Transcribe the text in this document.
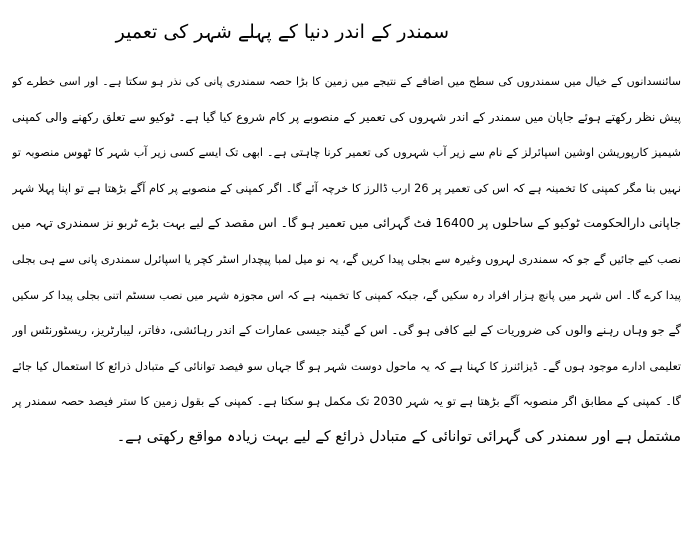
سمندر کے اندر دنیا کے پہلے شہر کی تعمیر
سائنسدانوں کے خیال میں سمندروں کی سطح میں اضافے کے نتیجے میں زمین کا بڑا حصہ سمندری پانی کی نذر ہو سکتا ہے۔ اور اسی خطرے کو
پیش نظر رکھتے ہوئے جاپان میں سمندر کے اندر شہروں کی تعمیر کے منصوبے پر کام شروع کیا گیا ہے۔ ٹوکیو سے تعلق رکھنے والی کمپنی
شیمیز کارپوریشن اوشین اسپائرلز کے نام سے زیر آب شہروں کی تعمیر کرنا چاہتی ہے۔ ابھی تک ایسے کسی زیر آب شہر کا ٹھوس منصوبہ تو
نہیں بنا مگر کمپنی کا تخمینہ ہے کہ اس کی تعمیر پر 26 ارب ڈالرز کا خرچہ آئے گا۔ اگر کمپنی کے منصوبے پر کام آگے بڑھتا ہے تو اپنا پہلا شہر
جاپانی دارالحکومت ٹوکیو کے ساحلوں پر 16400 فٹ گہرائی میں تعمیر ہو گا۔ اس مقصد کے لیے بہت بڑے ٹربو نز سمندری تہہ میں
نصب کیے جائیں گے جو کہ سمندری لہروں وغیرہ سے بجلی پیدا کریں گے، یہ نو میل لمبا پیچدار اسٹر کچر یا اسپائرل سمندری پانی سے ہی بجلی
پیدا کرے گا۔ اس شہر میں پانچ ہزار افراد رہ سکیں گے، جبکہ کمپنی کا تخمینہ ہے کہ اس مجوزہ شہر میں نصب سسٹم اتنی بجلی پیدا کر سکیں
گے جو وہاں رہنے والوں کی ضروریات کے لیے کافی ہو گی۔ اس کے گیند جیسی عمارات کے اندر رہائشی، دفاتر، لیبارٹریز، ریسٹورنٹس اور
تعلیمی ادارے موجود ہوں گے۔ ڈیزائنرز کا کہنا ہے کہ یہ ماحول دوست شہر ہو گا جہاں سو فیصد توانائی کے متبادل ذرائع کا استعمال کیا جائے
گا۔ کمپنی کے مطابق اگر منصوبہ آگے بڑھتا ہے تو یہ شہر 2030 تک مکمل ہو سکتا ہے۔ کمپنی کے بقول زمین کا ستر فیصد حصہ سمندر پر
مشتمل ہے اور سمندر کی گہرائی توانائی کے متبادل ذرائع کے لیے بہت زیادہ مواقع رکھتی ہے۔
